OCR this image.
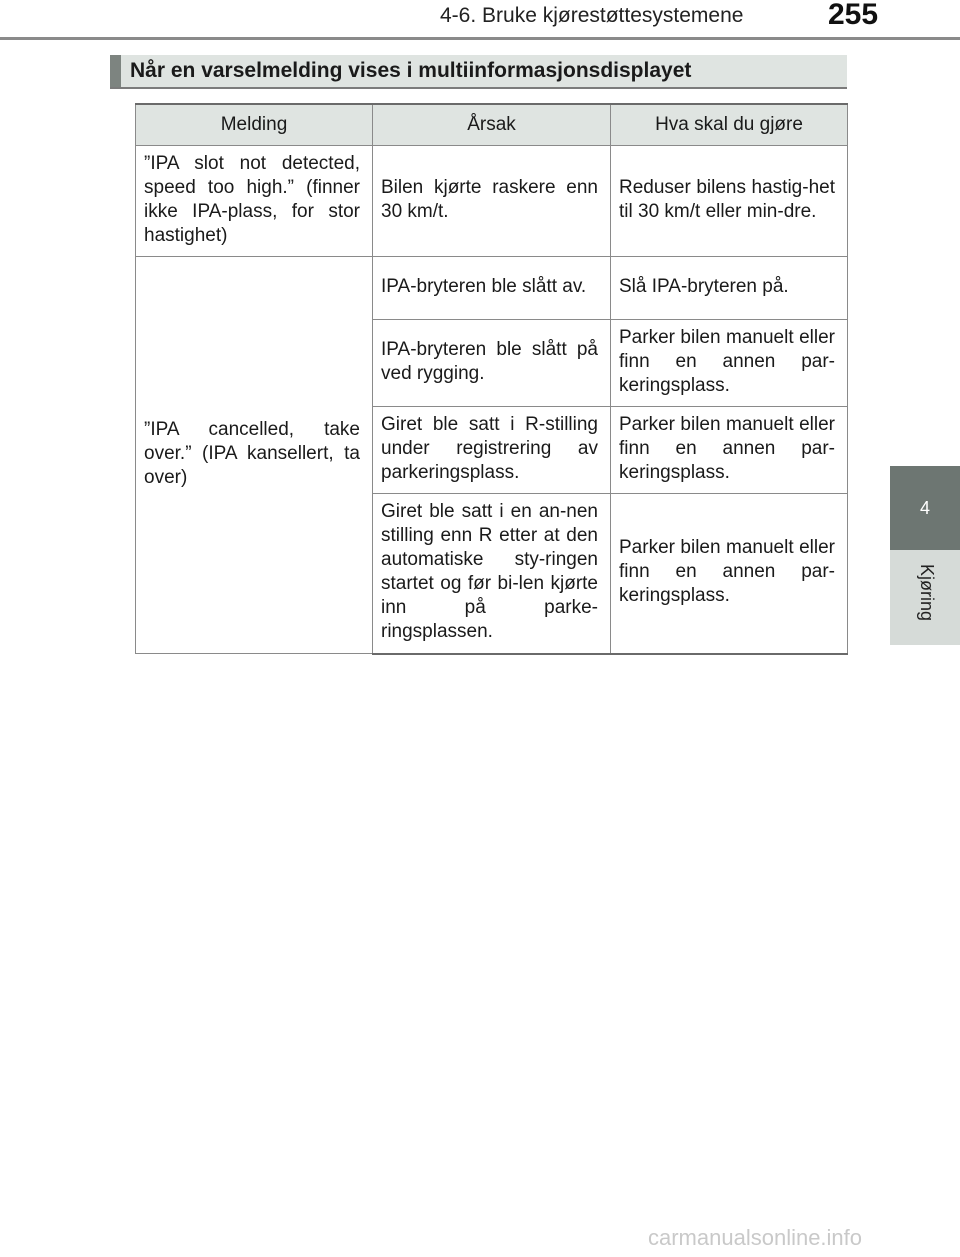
4-6. Bruke kjørestøttesystemene	255
4
Kjøring
Når en varselmelding vises i multiinformasjonsdisplayet
Melding	Årsak	Hva skal du gjøre
”IPA slot not detected, speed too high.” (finner ikke IPA-plass, for stor hastighet)	Bilen kjørte raskere enn 30 km/t.	Reduser bilens hastig-het til 30 km/t eller min-dre.
”IPA cancelled, take over.” (IPA kansellert, ta over)	IPA-bryteren ble slått av.	Slå IPA-bryteren på.
	IPA-bryteren ble slått på ved rygging.	Parker bilen manuelt eller finn en annen par-keringsplass.
	Giret ble satt i R-stilling under registrering av parkeringsplass.	Parker bilen manuelt eller finn en annen par-keringsplass.
	Giret ble satt i en an-nen stilling enn R etter at den automatiske sty-ringen startet og før bi-len kjørte inn på parke-ringsplassen.	Parker bilen manuelt eller finn en annen par-keringsplass.
carmanualsonline.info
